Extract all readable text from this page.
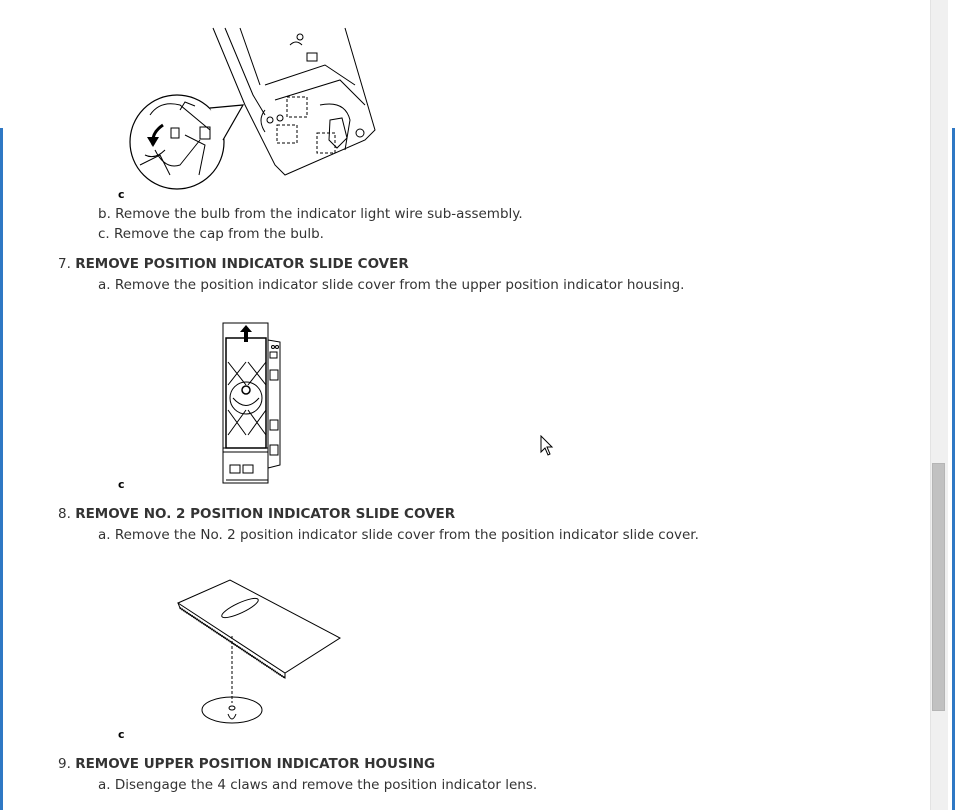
c
b. Remove the bulb from the indicator light wire sub-assembly.
c. Remove the cap from the bulb.
7. REMOVE POSITION INDICATOR SLIDE COVER
a. Remove the position indicator slide cover from the upper position indicator housing.
c
8. REMOVE NO. 2 POSITION INDICATOR SLIDE COVER
a. Remove the No. 2 position indicator slide cover from the position indicator slide cover.
c
9. REMOVE UPPER POSITION INDICATOR HOUSING
a. Disengage the 4 claws and remove the position indicator lens.
